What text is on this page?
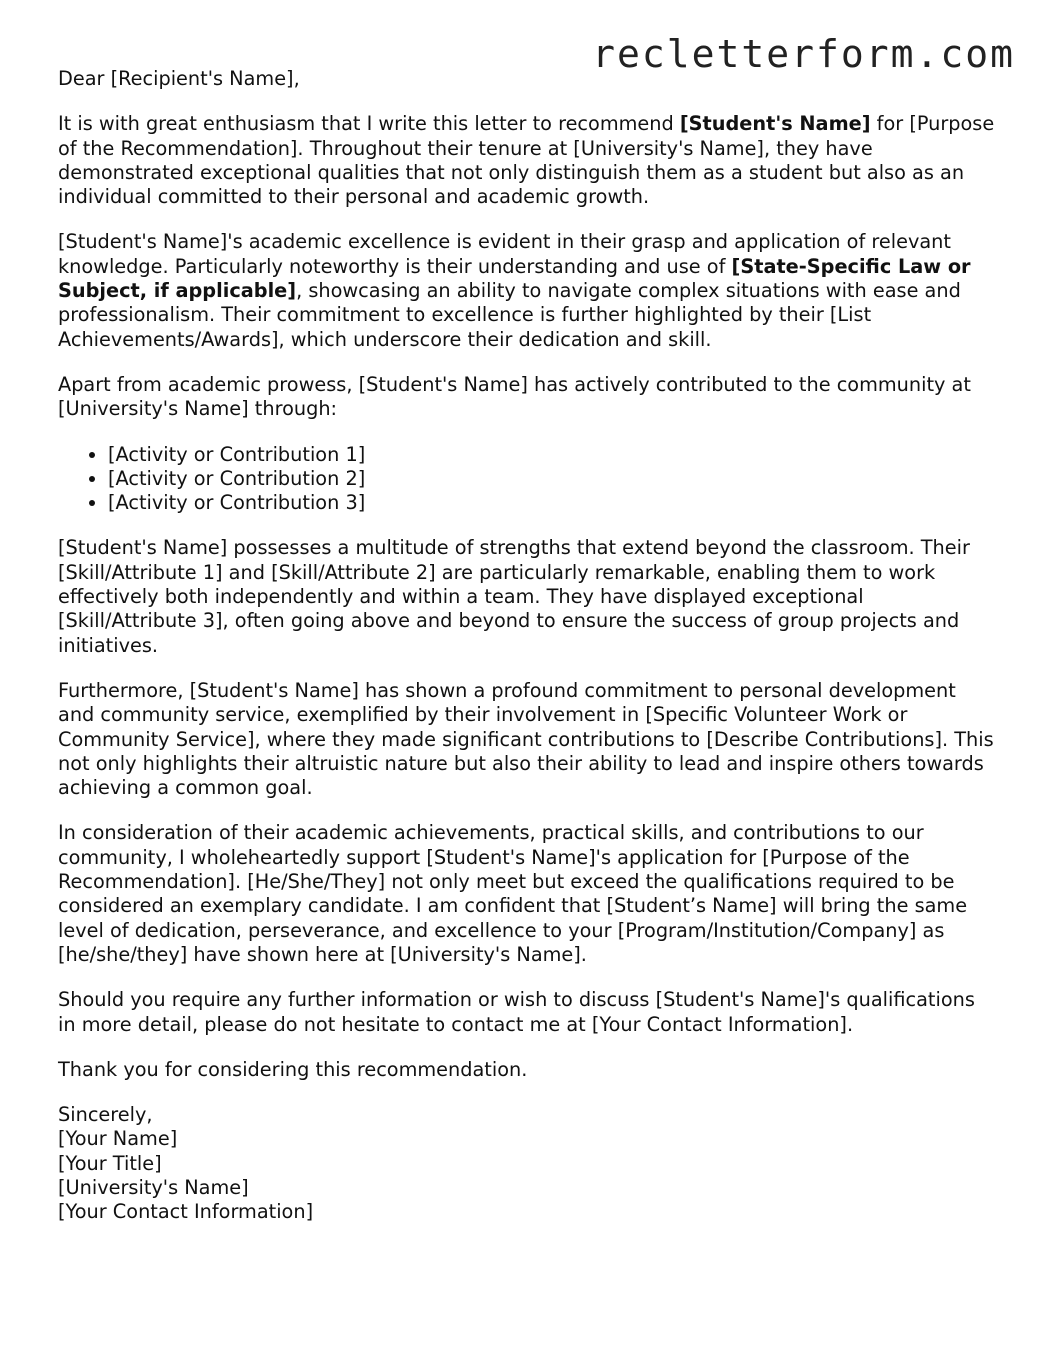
recletterform.com

Dear [Recipient's Name],

It is with great enthusiasm that I write this letter to recommend [Student's Name] for [Purpose of the Recommendation]. Throughout their tenure at [University's Name], they have demonstrated exceptional qualities that not only distinguish them as a student but also as an individual committed to their personal and academic growth.

[Student's Name]'s academic excellence is evident in their grasp and application of relevant knowledge. Particularly noteworthy is their understanding and use of [State-Specific Law or Subject, if applicable], showcasing an ability to navigate complex situations with ease and professionalism. Their commitment to excellence is further highlighted by their [List Achievements/Awards], which underscore their dedication and skill.

Apart from academic prowess, [Student's Name] has actively contributed to the community at [University's Name] through:

• [Activity or Contribution 1]
• [Activity or Contribution 2]
• [Activity or Contribution 3]

[Student's Name] possesses a multitude of strengths that extend beyond the classroom. Their [Skill/Attribute 1] and [Skill/Attribute 2] are particularly remarkable, enabling them to work effectively both independently and within a team. They have displayed exceptional [Skill/Attribute 3], often going above and beyond to ensure the success of group projects and initiatives.

Furthermore, [Student's Name] has shown a profound commitment to personal development and community service, exemplified by their involvement in [Specific Volunteer Work or Community Service], where they made significant contributions to [Describe Contributions]. This not only highlights their altruistic nature but also their ability to lead and inspire others towards achieving a common goal.

In consideration of their academic achievements, practical skills, and contributions to our community, I wholeheartedly support [Student's Name]'s application for [Purpose of the Recommendation]. [He/She/They] not only meet but exceed the qualifications required to be considered an exemplary candidate. I am confident that [Student’s Name] will bring the same level of dedication, perseverance, and excellence to your [Program/Institution/Company] as [he/she/they] have shown here at [University's Name].

Should you require any further information or wish to discuss [Student's Name]'s qualifications in more detail, please do not hesitate to contact me at [Your Contact Information].

Thank you for considering this recommendation.

Sincerely,
[Your Name]
[Your Title]
[University's Name]
[Your Contact Information]
